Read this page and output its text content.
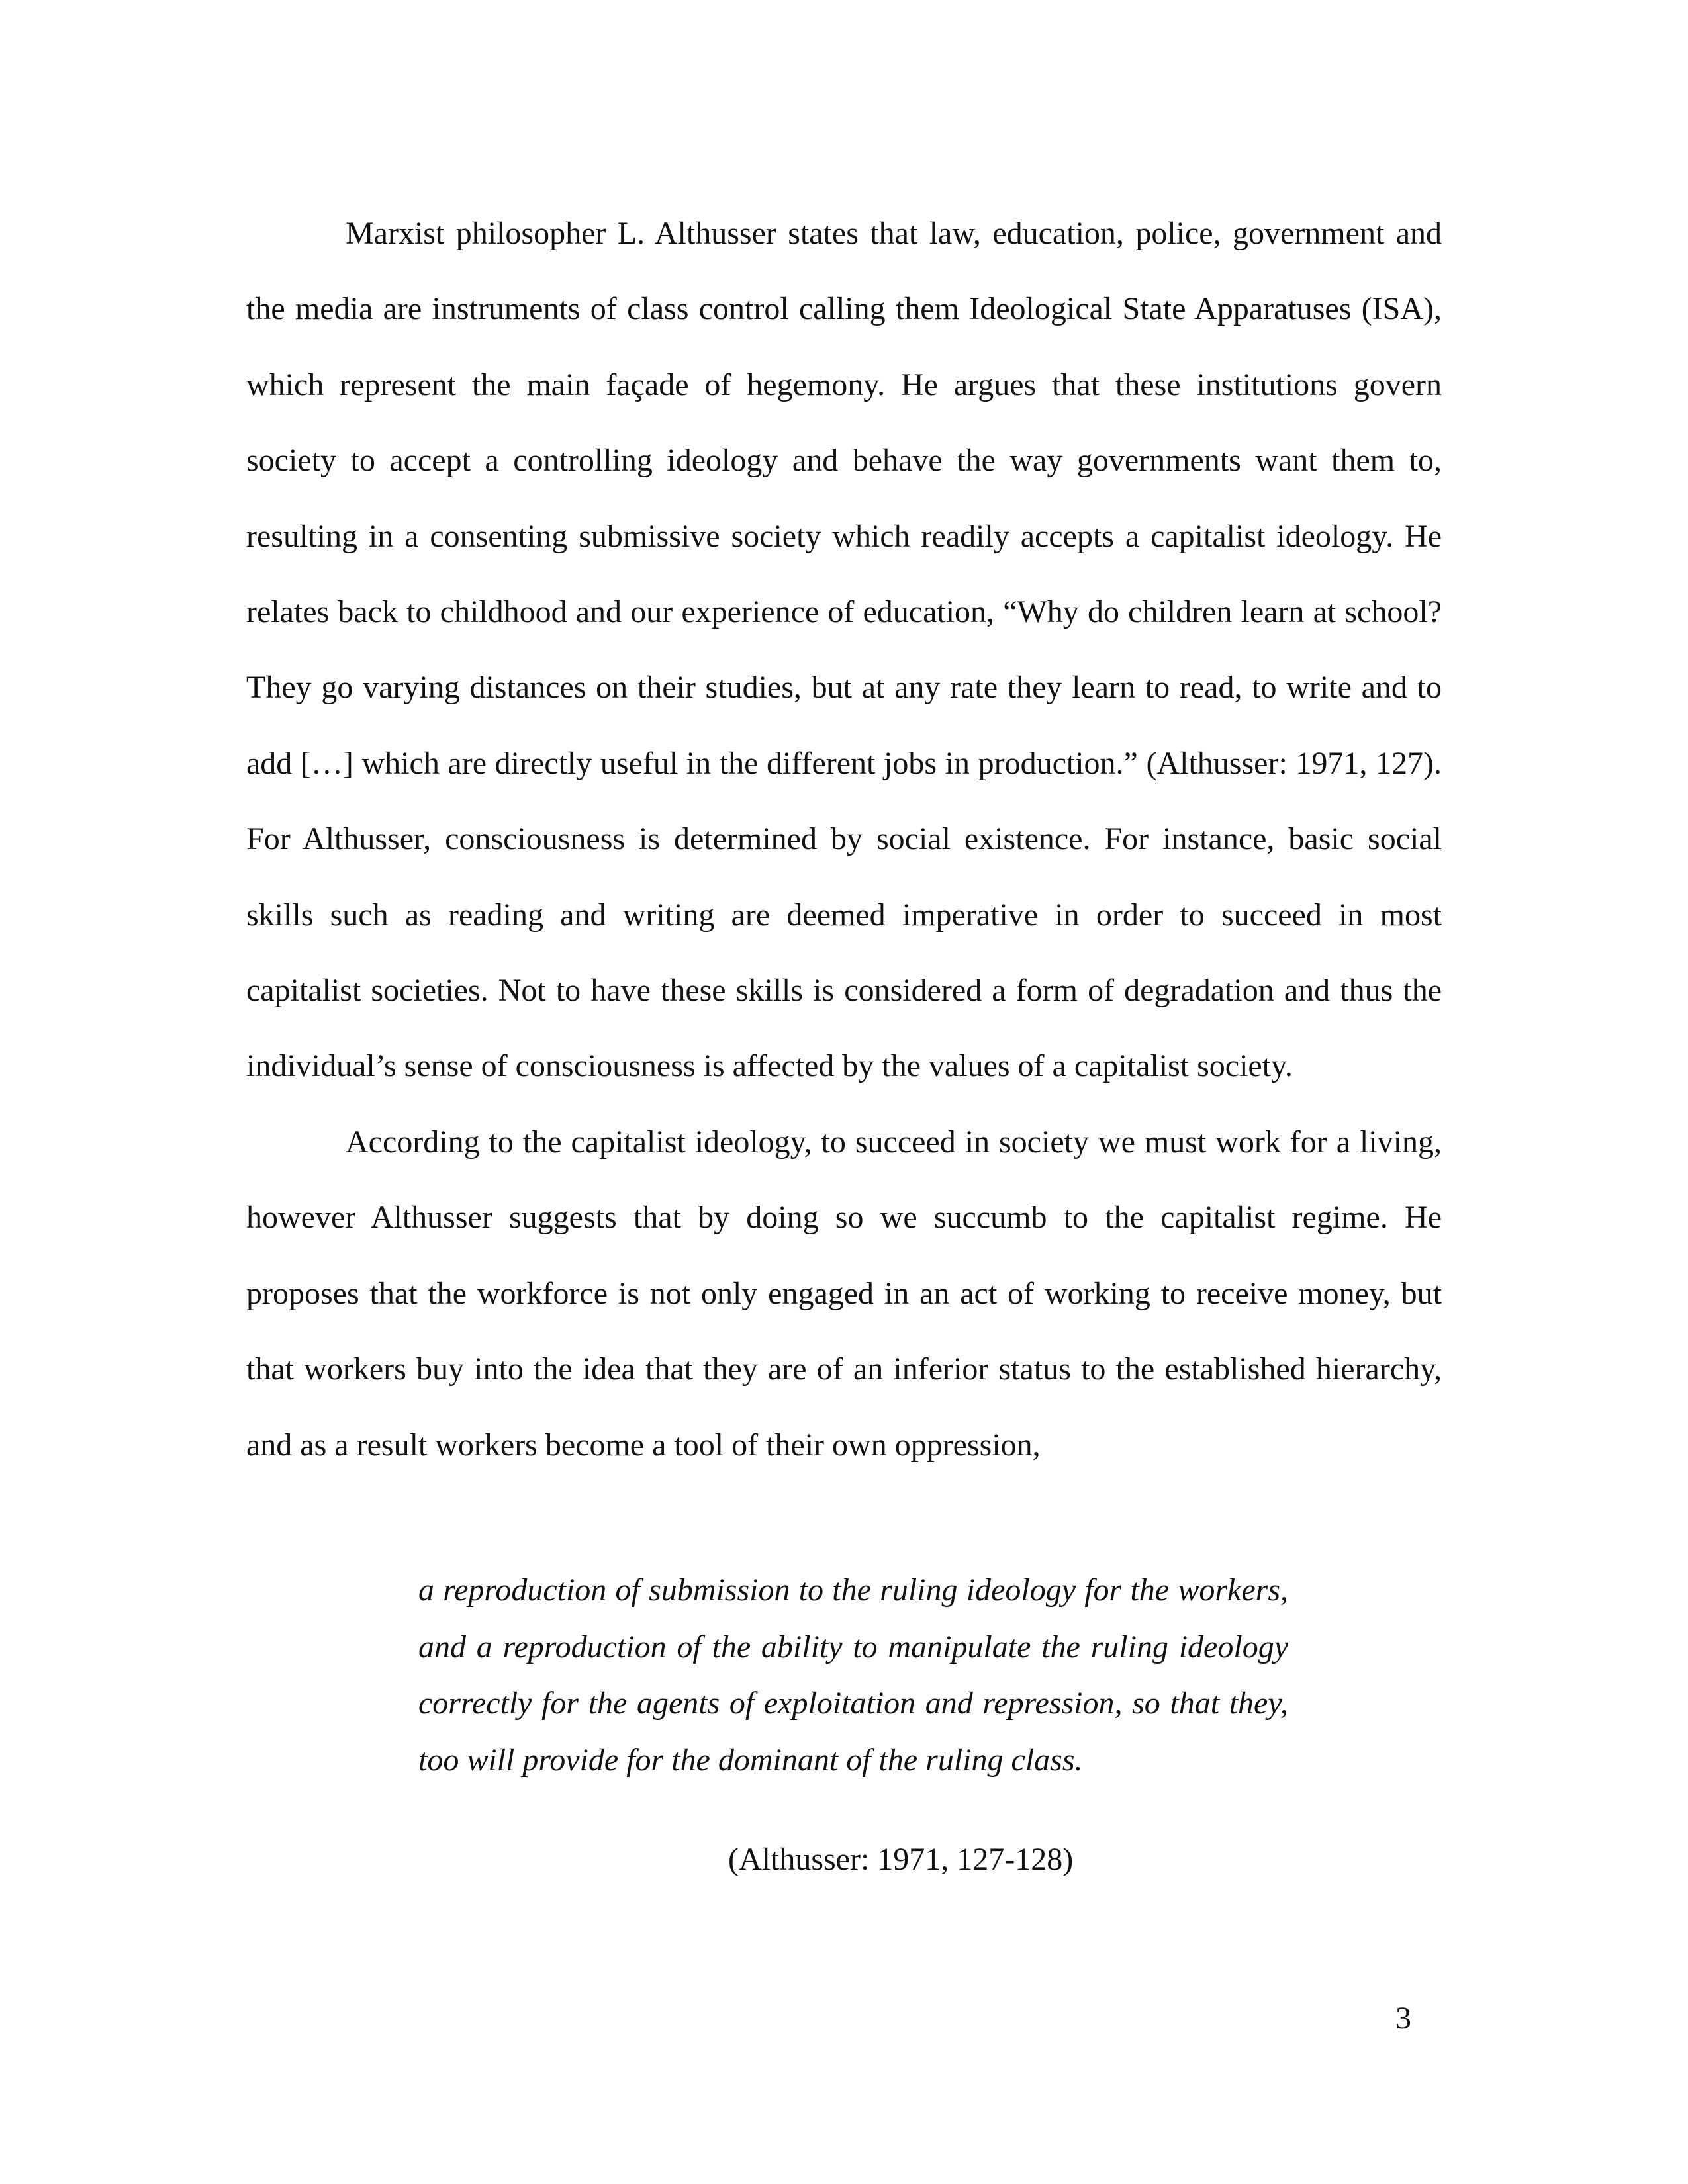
Marxist philosopher L. Althusser states that law, education, police, government and the media are instruments of class control calling them Ideological State Apparatuses (ISA), which represent the main façade of hegemony. He argues that these institutions govern society to accept a controlling ideology and behave the way governments want them to, resulting in a consenting submissive society which readily accepts a capitalist ideology. He relates back to childhood and our experience of education, “Why do children learn at school? They go varying distances on their studies, but at any rate they learn to read, to write and to add […] which are directly useful in the different jobs in production.” (Althusser: 1971, 127). For Althusser, consciousness is determined by social existence. For instance, basic social skills such as reading and writing are deemed imperative in order to succeed in most capitalist societies. Not to have these skills is considered a form of degradation and thus the individual’s sense of consciousness is affected by the values of a capitalist society.

According to the capitalist ideology, to succeed in society we must work for a living, however Althusser suggests that by doing so we succumb to the capitalist regime. He proposes that the workforce is not only engaged in an act of working to receive money, but that workers buy into the idea that they are of an inferior status to the established hierarchy, and as a result workers become a tool of their own oppression,

a reproduction of submission to the ruling ideology for the workers, and a reproduction of the ability to manipulate the ruling ideology correctly for the agents of exploitation and repression, so that they, too will provide for the dominant of the ruling class.

(Althusser: 1971, 127-128)
3
